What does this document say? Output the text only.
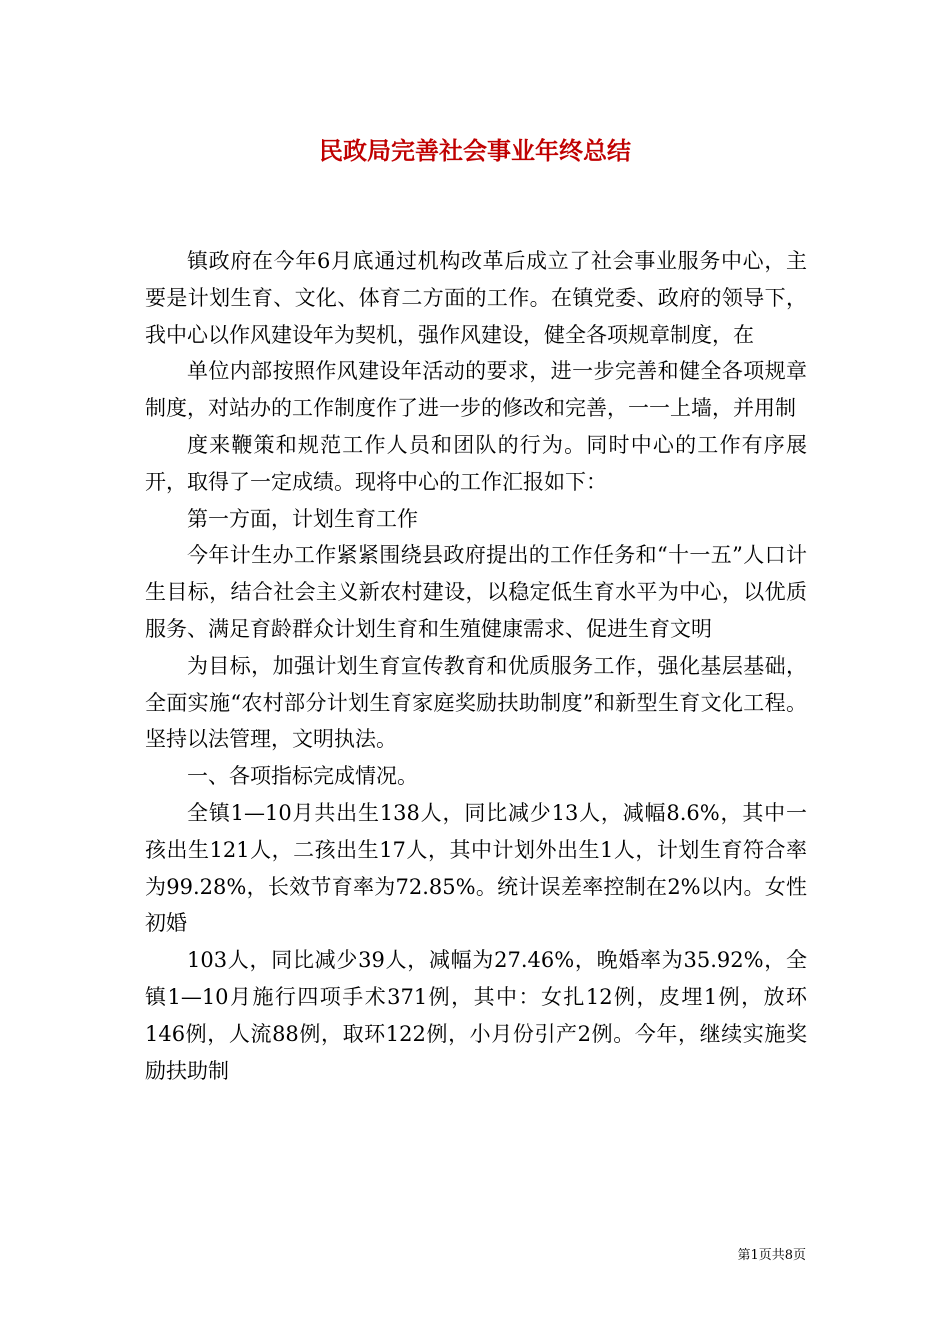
民政局完善社会事业年终总结

镇政府在今年6月底通过机构改革后成立了社会事业服务中心，主要是计划生育、文化、体育二方面的工作。在镇党委、政府的领导下，我中心以作风建设年为契机，强作风建设，健全各项规章制度，在

单位内部按照作风建设年活动的要求，进一步完善和健全各项规章制度，对站办的工作制度作了进一步的修改和完善，一一上墙，并用制

度来鞭策和规范工作人员和团队的行为。同时中心的工作有序展开，取得了一定成绩。现将中心的工作汇报如下：

第一方面，计划生育工作

今年计生办工作紧紧围绕县政府提出的工作任务和“十一五”人口计生目标，结合社会主义新农村建设，以稳定低生育水平为中心，以优质服务、满足育龄群众计划生育和生殖健康需求、促进生育文明

为目标，加强计划生育宣传教育和优质服务工作，强化基层基础，全面实施“农村部分计划生育家庭奖励扶助制度”和新型生育文化工程。坚持以法管理，文明执法。

一、各项指标完成情况。

全镇1—10月共出生138人，同比减少13人，减幅8.6%，其中一孩出生121人，二孩出生17人，其中计划外出生1人，计划生育符合率为99.28%，长效节育率为72.85%。统计误差率控制在2%以内。女性初婚

103人，同比减少39人，减幅为27.46%，晚婚率为35.92%，全镇1—10月施行四项手术371例，其中：女扎12例，皮埋1例，放环146例，人流88例，取环122例，小月份引产2例。今年，继续实施奖励扶助制

第1页共8页
